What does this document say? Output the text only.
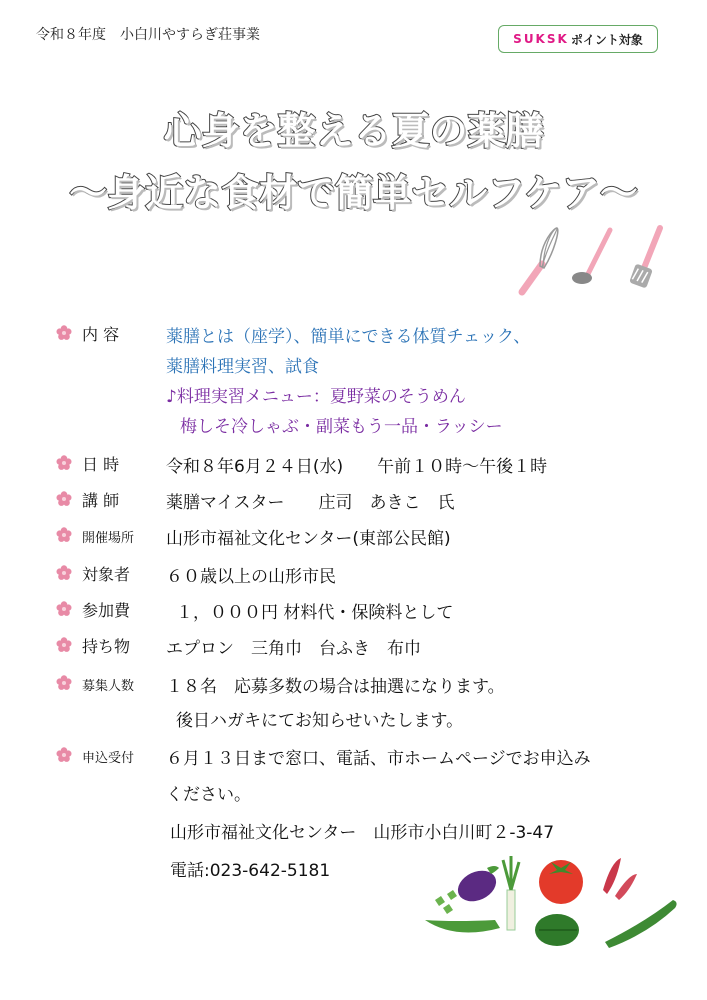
令和８年度　小白川やすらぎ荘事業	SUKSK ポイント対象
心身を整える夏の薬膳
～身近な食材で簡単セルフケア～
内 容	薬膳とは（座学）、簡単にできる体質チェック、
薬膳料理実習、試食
♪料理実習メニュー：夏野菜のそうめん
梅しそ冷しゃぶ・副菜もう一品・ラッシー
日 時	令和８年6月２４日(水)　　午前１０時～午後１時
講 師	薬膳マイスター　　庄司　あきこ　氏
開催場所	山形市福祉文化センター(東部公民館)
対象者	６０歳以上の山形市民
参加費	１，０００円 材料代・保険料として
持ち物	エプロン　三角巾　台ふき　布巾
募集人数	１８名　応募多数の場合は抽選になります。
後日ハガキにてお知らせいたします。
申込受付	６月１３日まで窓口、電話、市ホームページでお申込み
ください。
山形市福祉文化センター　山形市小白川町２-3-47
電話:023-642-5181
